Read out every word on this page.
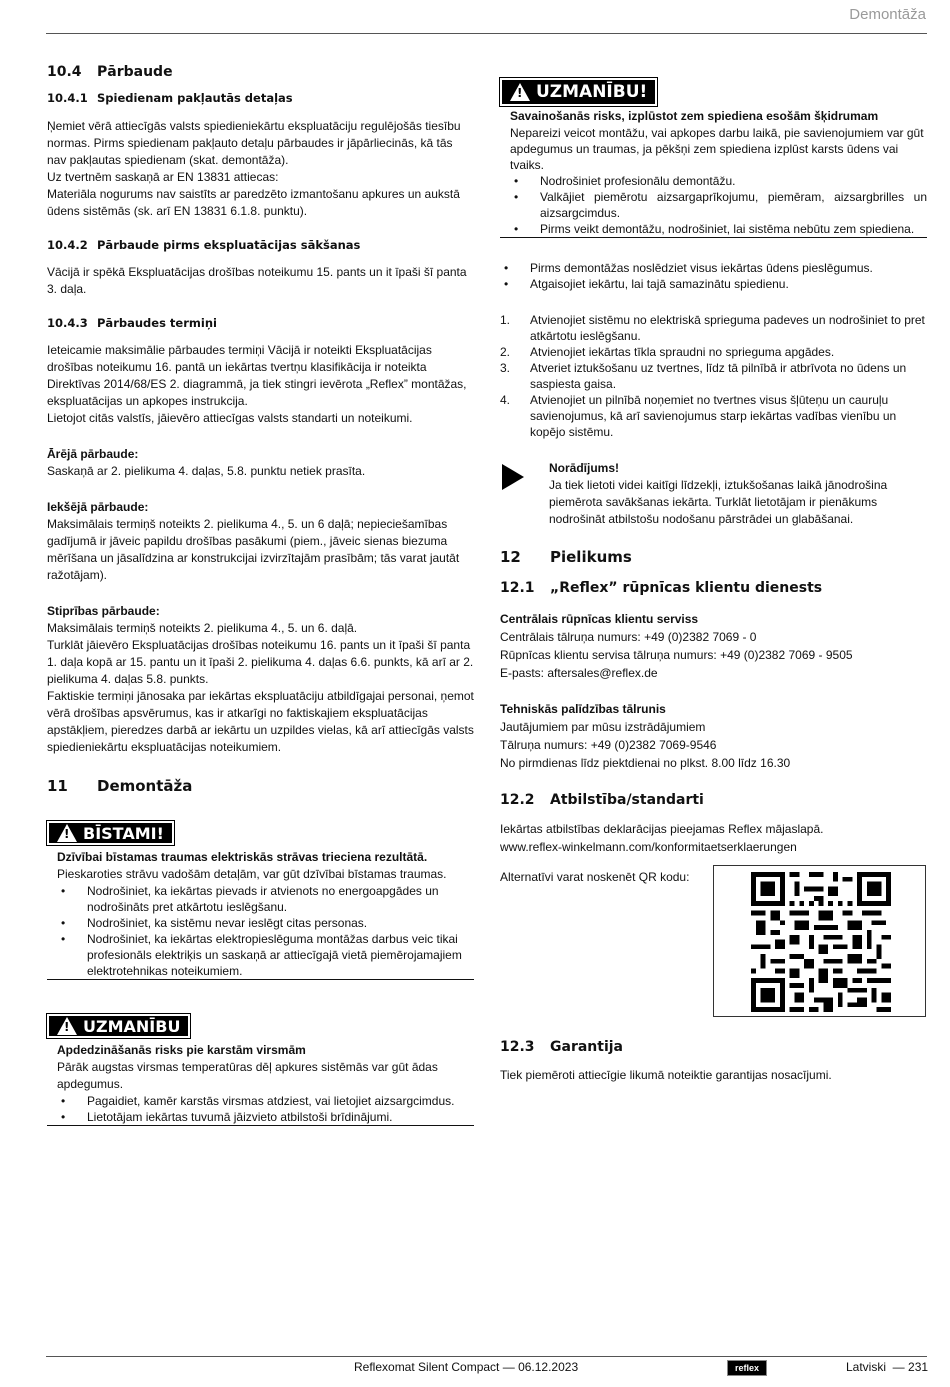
Demontāža
10.4	Pārbaude
10.4.1 Spiedienam pakļautās detaļas

Ņemiet vērā attiecīgās valsts spiedieniekārtu ekspluatāciju regulējošās tiesību normas. Pirms spiedienam pakļauto detaļu pārbaudes ir jāpārliecinās, kā tās nav pakļautas spiedienam (skat. demontāža).

Uz tvertnēm saskaņā ar EN 13831 attiecas:

Materiāla nogurums nav saistīts ar paredzēto izmantošanu apkures un aukstā ūdens sistēmās (sk. arī EN 13831 6.1.8. punktu).

10.4.2 Pārbaude pirms ekspluatācijas sākšanas

Vācijā ir spēkā Ekspluatācijas drošības noteikumu 15. pants un it īpaši šī panta 3. daļa.

10.4.3 Pārbaudes termiņi

Ieteicamie maksimālie pārbaudes termiņi Vācijā ir noteikti Ekspluatācijas drošības noteikumu 16. pantā un iekārtas tvertņu klasifikācija ir noteikta Direktīvas 2014/68/ES 2. diagrammā, ja tiek stingri ievērota „Reflex” montāžas, ekspluatācijas un apkopes instrukcija.

Lietojot citās valstīs, jāievēro attiecīgas valsts standarti un noteikumi.

Ārējā pārbaude:

Saskaņā ar 2. pielikuma 4. daļas, 5.8. punktu netiek prasīta.

Iekšējā pārbaude:

Maksimālais termiņš noteikts 2. pielikuma 4., 5. un 6 daļā; nepieciešamības gadījumā ir jāveic papildu drošības pasākumi (piem., jāveic sienas biezuma mērīšana un jāsalīdzina ar konstrukcijai izvirzītajām prasībām; tās varat jautāt ražotājam).

Stiprības pārbaude:

Maksimālais termiņš noteikts 2. pielikuma 4., 5. un 6. daļā.

Turklāt jāievēro Ekspluatācijas drošības noteikumu 16. pants un it īpaši šī panta 1. daļa kopā ar 15. pantu un it īpaši 2. pielikuma 4. daļas 6.6. punkts, kā arī ar 2. pielikuma 4. daļas 5.8. punkts.

Faktiskie termiņi jānosaka par iekārtas ekspluatāciju atbildīgajai personai, ņemot vērā drošības apsvērumus, kas ir atkarīgi no faktiskajiem ekspluatācijas apstākļiem, pieredzes darbā ar iekārtu un uzpildes vielas, kā arī attiecīgās valsts spiedieniekārtu ekspluatācijas noteikumiem.

11	Demontāža
!
BĪSTAMI!
Dzīvībai bīstamas traumas elektriskās strāvas trieciena rezultātā.

Pieskaroties strāvu vadošām detaļām, var gūt dzīvībai bīstamas traumas.

• Nodrošiniet, ka iekārtas pievads ir atvienots no energoapgādes un nodrošināts pret atkārtotu ieslēgšanu.
• Nodrošiniet, ka sistēmu nevar ieslēgt citas personas.
• Nodrošiniet, ka iekārtas elektropieslēguma montāžas darbus veic tikai profesionāls elektriķis un saskaņā ar attiecīgajā vietā piemērojamajiem elektrotehnikas noteikumiem.
!
UZMANĪBU
Apdedzināšanās risks pie karstām virsmām

Pārāk augstas virsmas temperatūras dēļ apkures sistēmās var gūt ādas apdegumus.

• Pagaidiet, kamēr karstās virsmas atdziest, vai lietojiet aizsargcimdus.
• Lietotājam iekārtas tuvumā jāizvieto atbilstoši brīdinājumi.
!
UZMANĪBU!
Savainošanās risks, izplūstot zem spiediena esošām šķidrumam

Nepareizi veicot montāžu, vai apkopes darbu laikā, pie savienojumiem var gūt apdegumus un traumas, ja pēkšņi zem spiediena izplūst karsts ūdens vai tvaiks.

• Nodrošiniet profesionālu demontāžu.
• Valkājiet piemērotu aizsargaprīkojumu, piemēram, aizsargbrilles un aizsargcimdus.
• Pirms veikt demontāžu, nodrošiniet, lai sistēma nebūtu zem spiediena.
• Pirms demontāžas noslēdziet visus iekārtas ūdens pieslēgumus.
• Atgaisojiet iekārtu, lai tajā samazinātu spiedienu.
1. Atvienojiet sistēmu no elektriskā sprieguma padeves un nodrošiniet to pret atkārtotu ieslēgšanu.
2. Atvienojiet iekārtas tīkla spraudni no sprieguma apgādes.
3. Atveriet iztukšošanu uz tvertnes, līdz tā pilnībā ir atbrīvota no ūdens un saspiesta gaisa.
4. Atvienojiet un pilnībā noņemiet no tvertnes visus šļūteņu un cauruļu savienojumus, kā arī savienojumus starp iekārtas vadības vienību un kopējo sistēmu.
Norādījums!

Ja tiek lietoti videi kaitīgi līdzekļi, iztukšošanas laikā jānodrošina piemērota savākšanas iekārta. Turklāt lietotājam ir pienākums nodrošināt atbilstošu nodošanu pārstrādei un glabāšanai.

12	Pielikums
12.1	„Reflex” rūpnīcas klientu dienests

Centrālais rūpnīcas klientu serviss

Centrālais tālruņa numurs: +49 (0)2382 7069 - 0

Rūpnīcas klientu servisa tālruņa numurs: +49 (0)2382 7069 - 9505

E-pasts: aftersales@reflex.de

Tehniskās palīdzības tālrunis

Jautājumiem par mūsu izstrādājumiem

Tālruņa numurs: +49 (0)2382 7069-9546

No pirmdienas līdz piektdienai no plkst. 8.00 līdz 16.30

12.2	Atbilstība/standarti

Iekārtas atbilstības deklarācijas pieejamas Reflex mājaslapā.

www.reflex-winkelmann.com/konformitaetserklaerungen

Alternatīvi varat noskenēt QR kodu:

12.3	Garantija

Tiek piemēroti attiecīgie likumā noteiktie garantijas nosacījumi.

Reflexomat Silent Compact — 06.12.2023	reflex	Latviski  — 231
